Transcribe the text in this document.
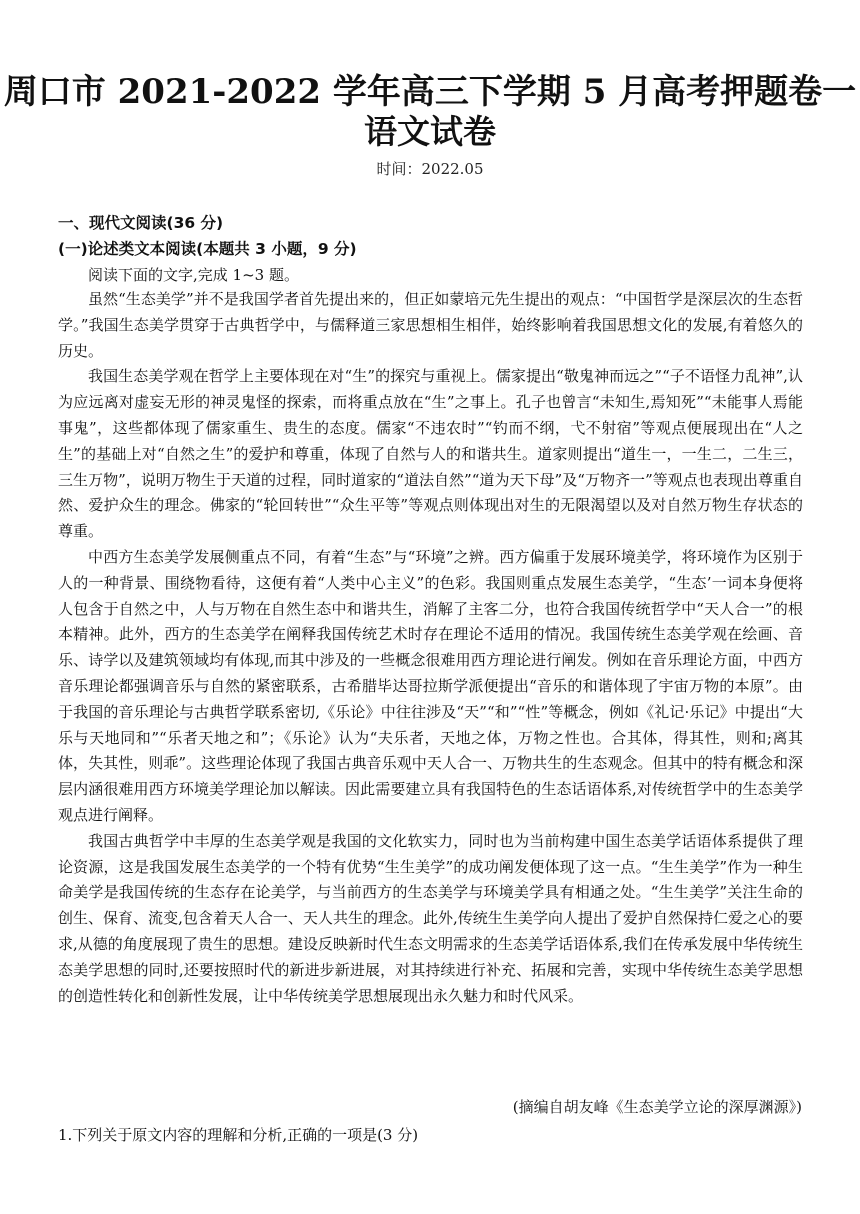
周口市 2021-2022 学年高三下学期 5 月高考押题卷一
语文试卷
时间：2022.05
一、现代文阅读(36 分)
(一)论述类文本阅读(本题共 3 小题，9 分)
阅读下面的文字,完成 1~3 题。

虽然“生态美学”并不是我国学者首先提出来的，但正如蒙培元先生提出的观点：“中国哲学是深层次的生态哲学。”我国生态美学贯穿于古典哲学中，与儒释道三家思想相生相伴，始终影响着我国思想文化的发展,有着悠久的历史。

我国生态美学观在哲学上主要体现在对“生”的探究与重视上。儒家提出“敬鬼神而远之”“子不语怪力乱神”,认为应远离对虚妄无形的神灵鬼怪的探索，而将重点放在“生”之事上。孔子也曾言“未知生,焉知死”“未能事人焉能事鬼”，这些都体现了儒家重生、贵生的态度。儒家“不违农时”“钓而不纲，弋不射宿”等观点便展现出在“人之生”的基础上对“自然之生”的爱护和尊重，体现了自然与人的和谐共生。道家则提出“道生一，一生二，二生三，三生万物”，说明万物生于天道的过程，同时道家的“道法自然”“道为天下母”及“万物齐一”等观点也表现出尊重自然、爱护众生的理念。佛家的“轮回转世”“众生平等”等观点则体现出对生的无限渴望以及对自然万物生存状态的尊重。

中西方生态美学发展侧重点不同，有着“生态”与“环境”之辨。西方偏重于发展环境美学，将环境作为区别于人的一种背景、围绕物看待，这便有着“人类中心主义”的色彩。我国则重点发展生态美学，“生态’一词本身便将人包含于自然之中，人与万物在自然生态中和谐共生，消解了主客二分，也符合我国传统哲学中“天人合一”的根本精神。此外，西方的生态美学在阐释我国传统艺术时存在理论不适用的情况。我国传统生态美学观在绘画、音乐、诗学以及建筑领域均有体现,而其中涉及的一些概念很难用西方理论进行阐发。例如在音乐理论方面，中西方音乐理论都强调音乐与自然的紧密联系，古希腊毕达哥拉斯学派便提出“音乐的和谐体现了宇宙万物的本原”。由于我国的音乐理论与古典哲学联系密切,《乐论》中往往涉及“天”“和”“性”等概念，例如《礼记·乐记》中提出“大乐与天地同和”“乐者天地之和”；《乐论》认为“夫乐者，天地之体，万物之性也。合其体，得其性，则和;离其体，失其性，则乖”。这些理论体现了我国古典音乐观中天人合一、万物共生的生态观念。但其中的特有概念和深层内涵很难用西方环境美学理论加以解读。因此需要建立具有我国特色的生态话语体系,对传统哲学中的生态美学观点进行阐释。

我国古典哲学中丰厚的生态美学观是我国的文化软实力，同时也为当前构建中国生态美学话语体系提供了理论资源，这是我国发展生态美学的一个特有优势“生生美学”的成功阐发便体现了这一点。“生生美学”作为一种生命美学是我国传统的生态存在论美学，与当前西方的生态美学与环境美学具有相通之处。“生生美学”关注生命的创生、保育、流变,包含着天人合一、天人共生的理念。此外,传统生生美学向人提出了爱护自然保持仁爱之心的要求,从德的角度展现了贵生的思想。建设反映新时代生态文明需求的生态美学话语体系,我们在传承发展中华传统生态美学思想的同时,还要按照时代的新进步新进展，对其持续进行补充、拓展和完善，实现中华传统生态美学思想的创造性转化和创新性发展，让中华传统美学思想展现出永久魅力和时代风采。

(摘编自胡友峰《生态美学立论的深厚渊源》)
1.下列关于原文内容的理解和分析,正确的一项是(3 分)
